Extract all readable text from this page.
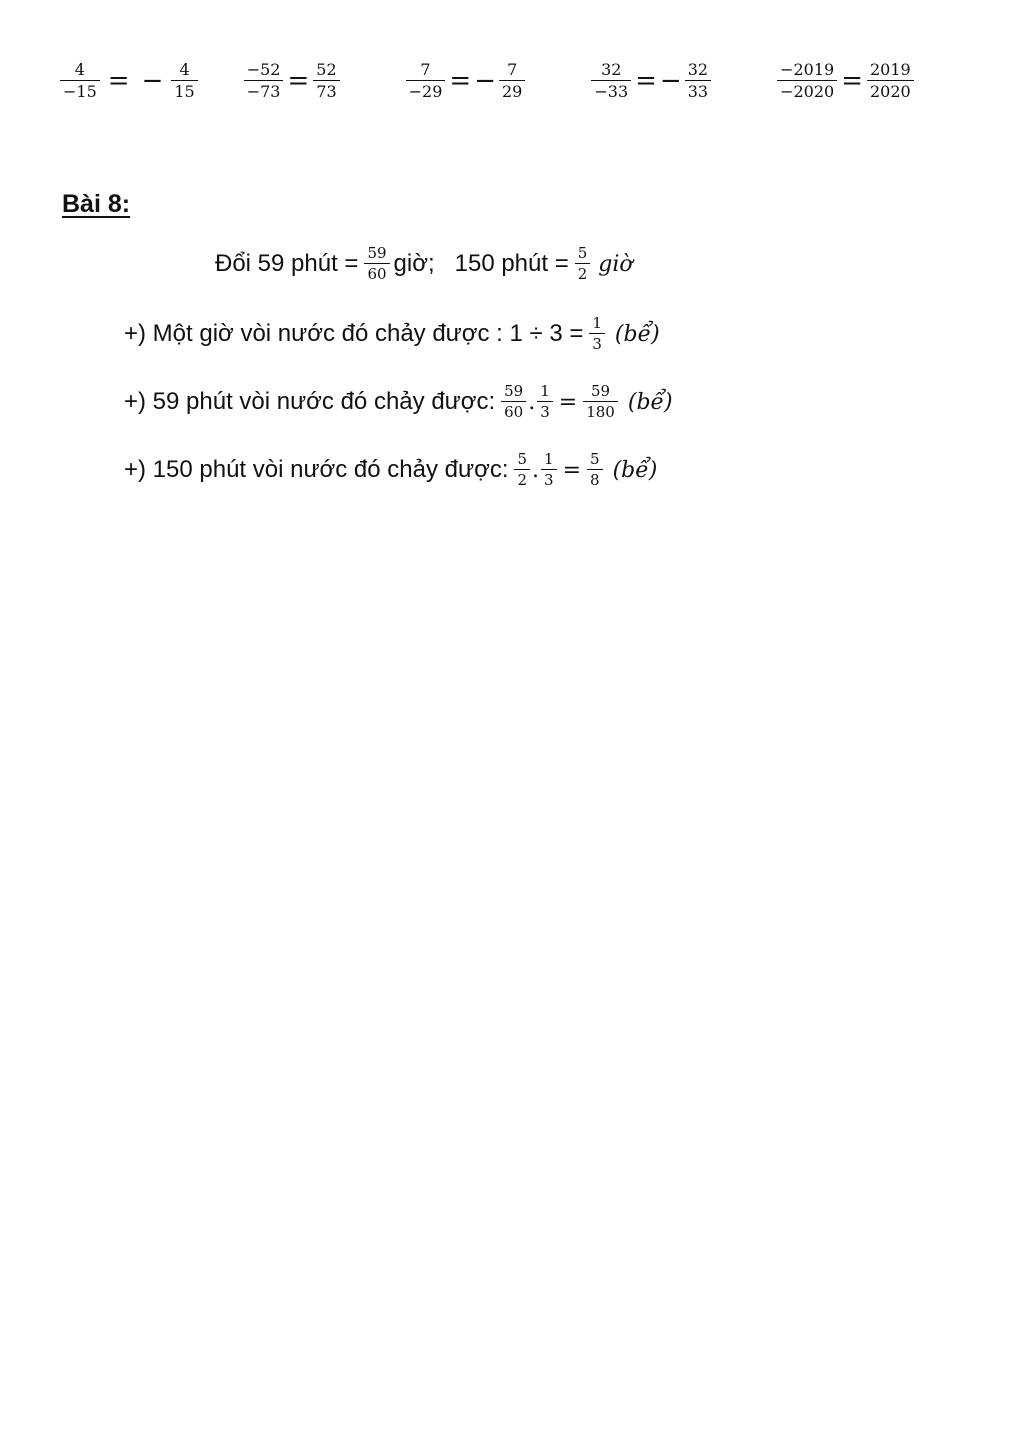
$\frac{4}{-15}$ = − $\frac{4}{15}$	$\frac{-52}{-73} = \frac{52}{73}$	$\frac{7}{-29}$ = − $\frac{7}{29}$	$\frac{32}{-33}$ = − $\frac{32}{33}$	$\frac{-2019}{-2020} = \frac{2019}{2020}$
Bài 8:
Đổi 59 phút = $\frac{59}{60}$ giờ;   150 phút = $\frac{5}{2}$ giờ
+) Một giờ vòi nước đó chảy được : $1 \div 3 = \frac{1}{3}$ (bể)
+) 59 phút vòi nước đó chảy được: $\frac{59}{60}$ . $\frac{1}{3} = \frac{59}{180}$ (bể)
+) 150 phút vòi nước đó chảy được: $\frac{5}{2}$ . $\frac{1}{3} = \frac{5}{8}$ (bể)
